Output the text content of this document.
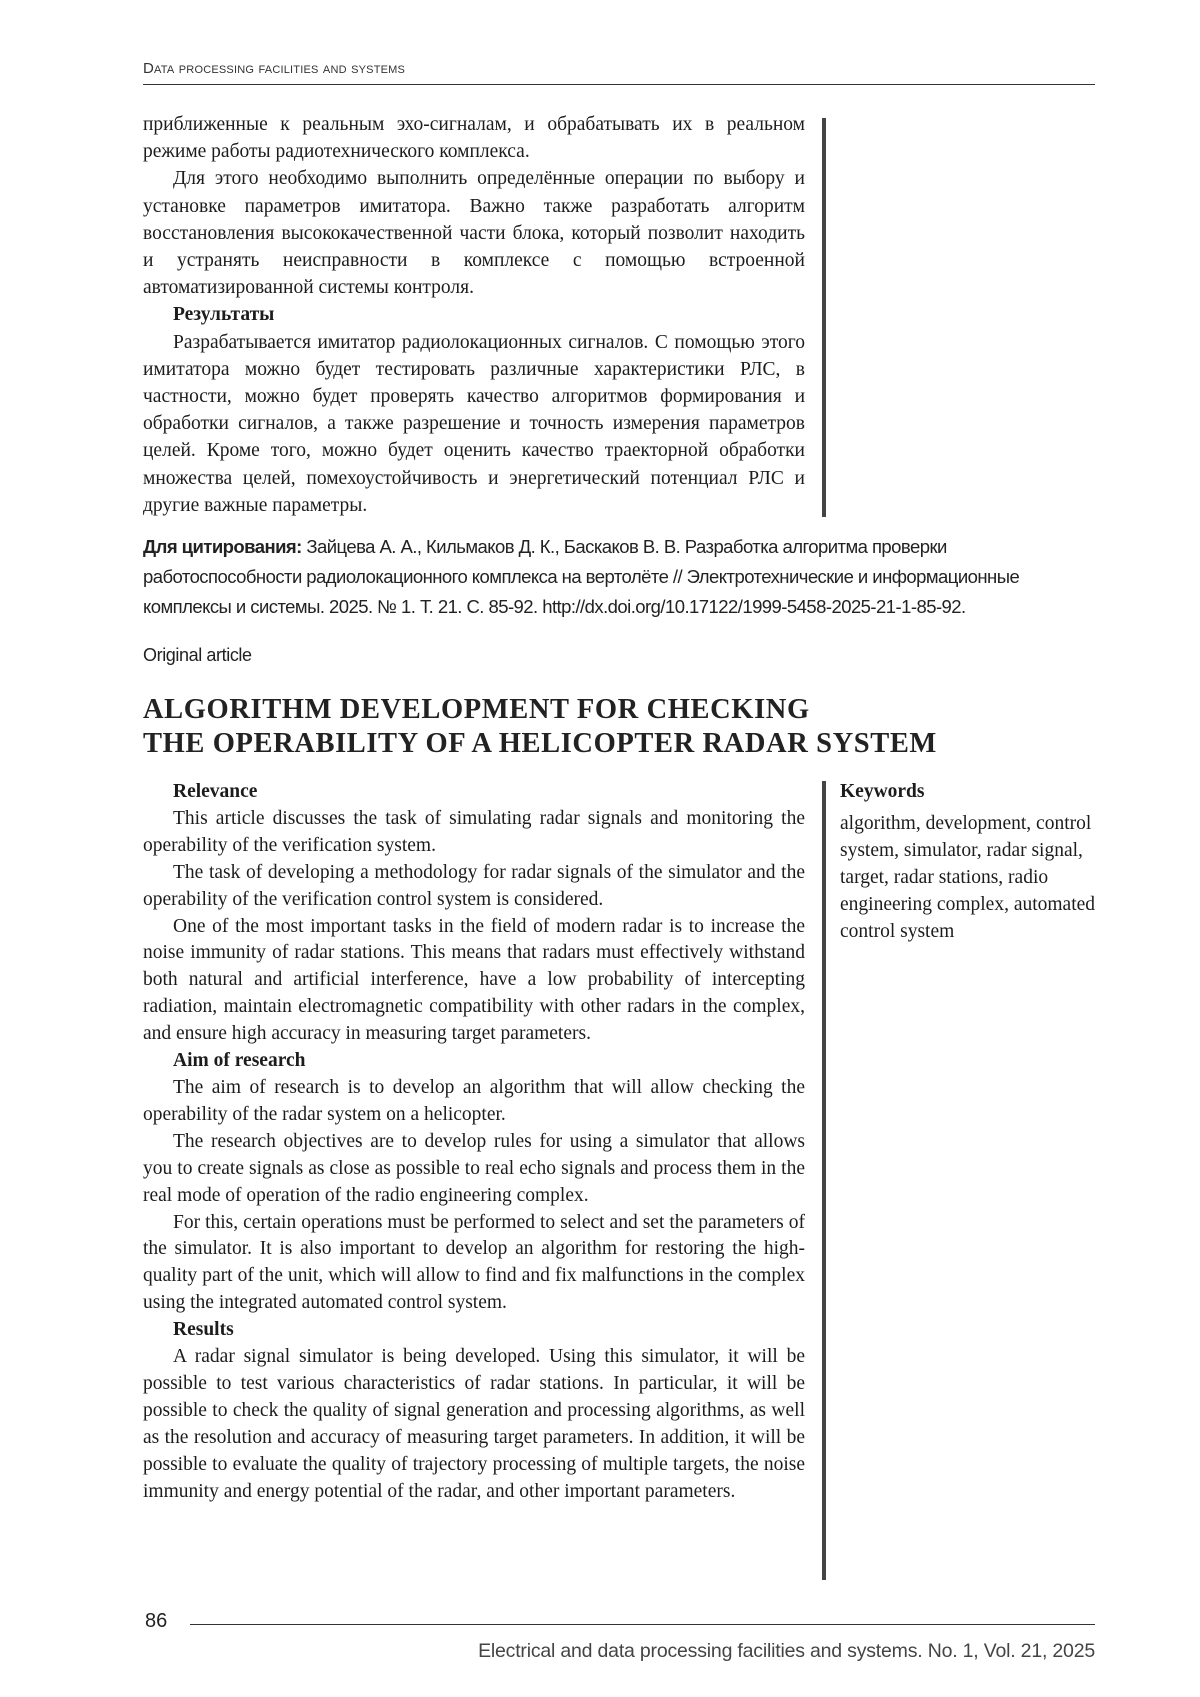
Data processing facilities and systems

приближенные к реальным эхо-сигналам, и обрабатывать их в реаль­ном режиме работы радиотехнического комплекса.

Для этого необходимо выполнить определённые операции по выбору и установке параметров имитатора. Важно также разработать алгоритм восстановления высококачественной части блока, который позволит находить и устранять неисправности в комплексе с помо­щью встроенной автоматизированной системы контроля.

Результаты

Разрабатывается имитатор радиолокационных сигналов. С помо­щью этого имитатора можно будет тестировать различные характери­стики РЛС, в частности, можно будет проверять качество алгоритмов формирования и обработки сигналов, а также разрешение и точность измерения параметров целей. Кроме того, можно будет оценить каче­ство траекторной обработки множества целей, помехоустойчивость и энергетический потенциал РЛС и другие важные параметры.

Для цитирования: Зайцева А. А., Кильмаков Д. К., Баскаков В. В. Разработка алгоритма проверки работоспособности радиолокационного комплекса на вертолёте // Электротехнические и информационные комплексы и системы. 2025. № 1. Т. 21. С. 85-92. http://dx.doi.org/10.17122/1999-5458-2025-21-1-85-92.
Original article
ALGORITHM DEVELOPMENT FOR CHECKING
THE OPERABILITY OF A HELICOPTER RADAR SYSTEM

Relevance

This article discusses the task of simulating radar signals and monitor­ing the operability of the verification system.

The task of developing a methodology for radar signals of the simula­tor and the operability of the verification control system is considered.

One of the most important tasks in the field of modern radar is to increase the noise immunity of radar stations. This means that radars must effectively withstand both natural and artificial interference, have a low probability of intercepting radiation, maintain electromagnetic compatibility with other radars in the complex, and ensure high accuracy in measuring target parameters.

Aim of research

The aim of research is to develop an algorithm that will allow check­ing the operability of the radar system on a helicopter.

The research objectives are to develop rules for using a simulator that allows you to create signals as close as possible to real echo signals and process them in the real mode of operation of the radio engineering complex.

For this, certain operations must be performed to select and set the par­ameters of the simulator. It is also important to develop an algorithm for restoring the high-quality part of the unit, which will allow to find and fix malfunctions in the complex using the integrated automated control system.

Results

A radar signal simulator is being developed. Using this simulator, it will be possible to test various characteristics of radar stations. In particu­lar, it will be possible to check the quality of signal generation and pro­cessing algorithms, as well as the resolution and accuracy of measuring target parameters. In addition, it will be possible to evaluate the quality of trajectory processing of multiple targets, the noise immunity and energy potential of the radar, and other important parameters.

Keywords

algorithm, development, control system, simulator, radar signal, target, radar stations, radio engineering complex, automated control system

86
Electrical and data processing facilities and systems. No. 1, Vol. 21, 2025
